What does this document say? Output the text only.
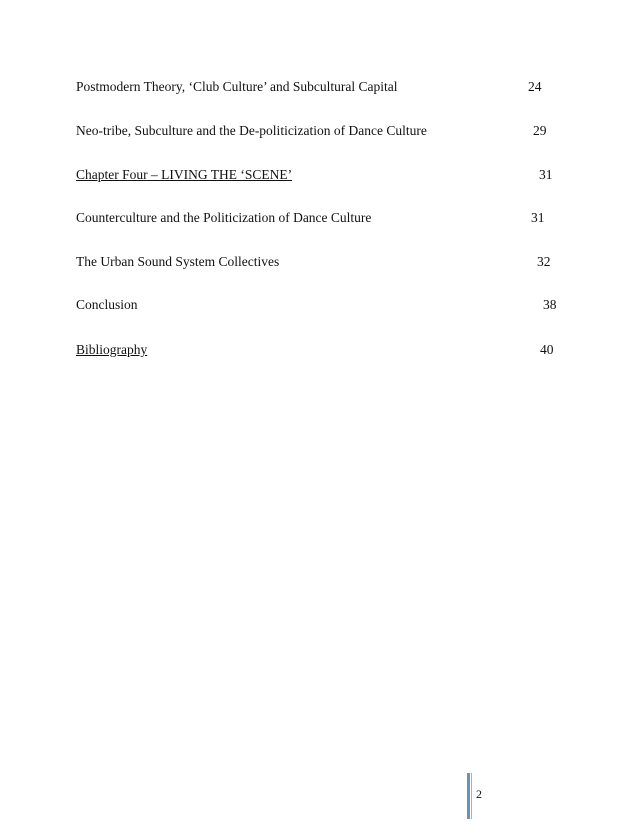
Postmodern Theory, ‘Club Culture’ and Subcultural Capital	24
Neo-tribe, Subculture and the De-politicization of Dance Culture	29
Chapter Four – LIVING THE ‘SCENE’	31
Counterculture and the Politicization of Dance Culture	31
The Urban Sound System Collectives	32
Conclusion	38
Bibliography	40
2
